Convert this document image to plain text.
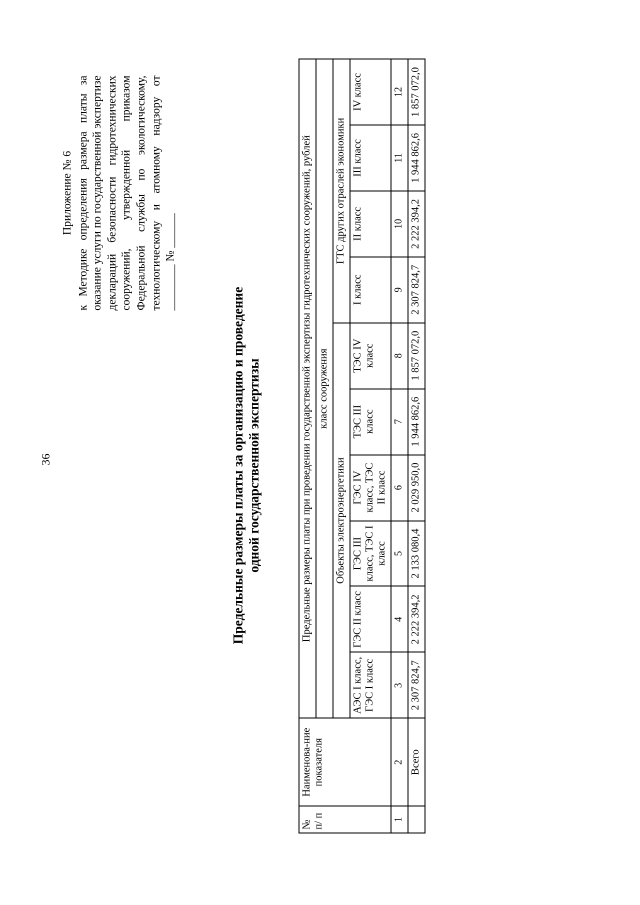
36
Приложение № 6 к Методике определения размера платы за оказание услуги по государственной экспертизе деклараций безопасности гидротехнических сооружений, утвержденной приказом Федеральной службы по экологическому, технологическому и атомному надзору от ________ № ______
Предельные размеры платы за организацию и проведение одной государственной экспертизы
№ п/ п	Наименова-ние показателя	Предельные размеры платы при проведении государственной экспертизы гидротехнических сооружений, рублей									
		класс сооружения									
		Объекты электроэнергетики						ГТС других отраслей экономики			
		АЭС I класс, ГЭС I класс	ГЭС II класс	ГЭС III класс, ТЭС I класс	ГЭС IV класс, ТЭС II класс	ТЭС III класс	ТЭС IV класс	I класс	II класс	III класс	IV класс
1	2	3	4	5	6	7	8	9	10	11	12
	Всего	2 307 824,7	2 222 394,2	2 133 080,4	2 029 950,0	1 944 862,6	1 857 072,0	2 307 824,7	2 222 394,2	1 944 862,6	1 857 072,0
